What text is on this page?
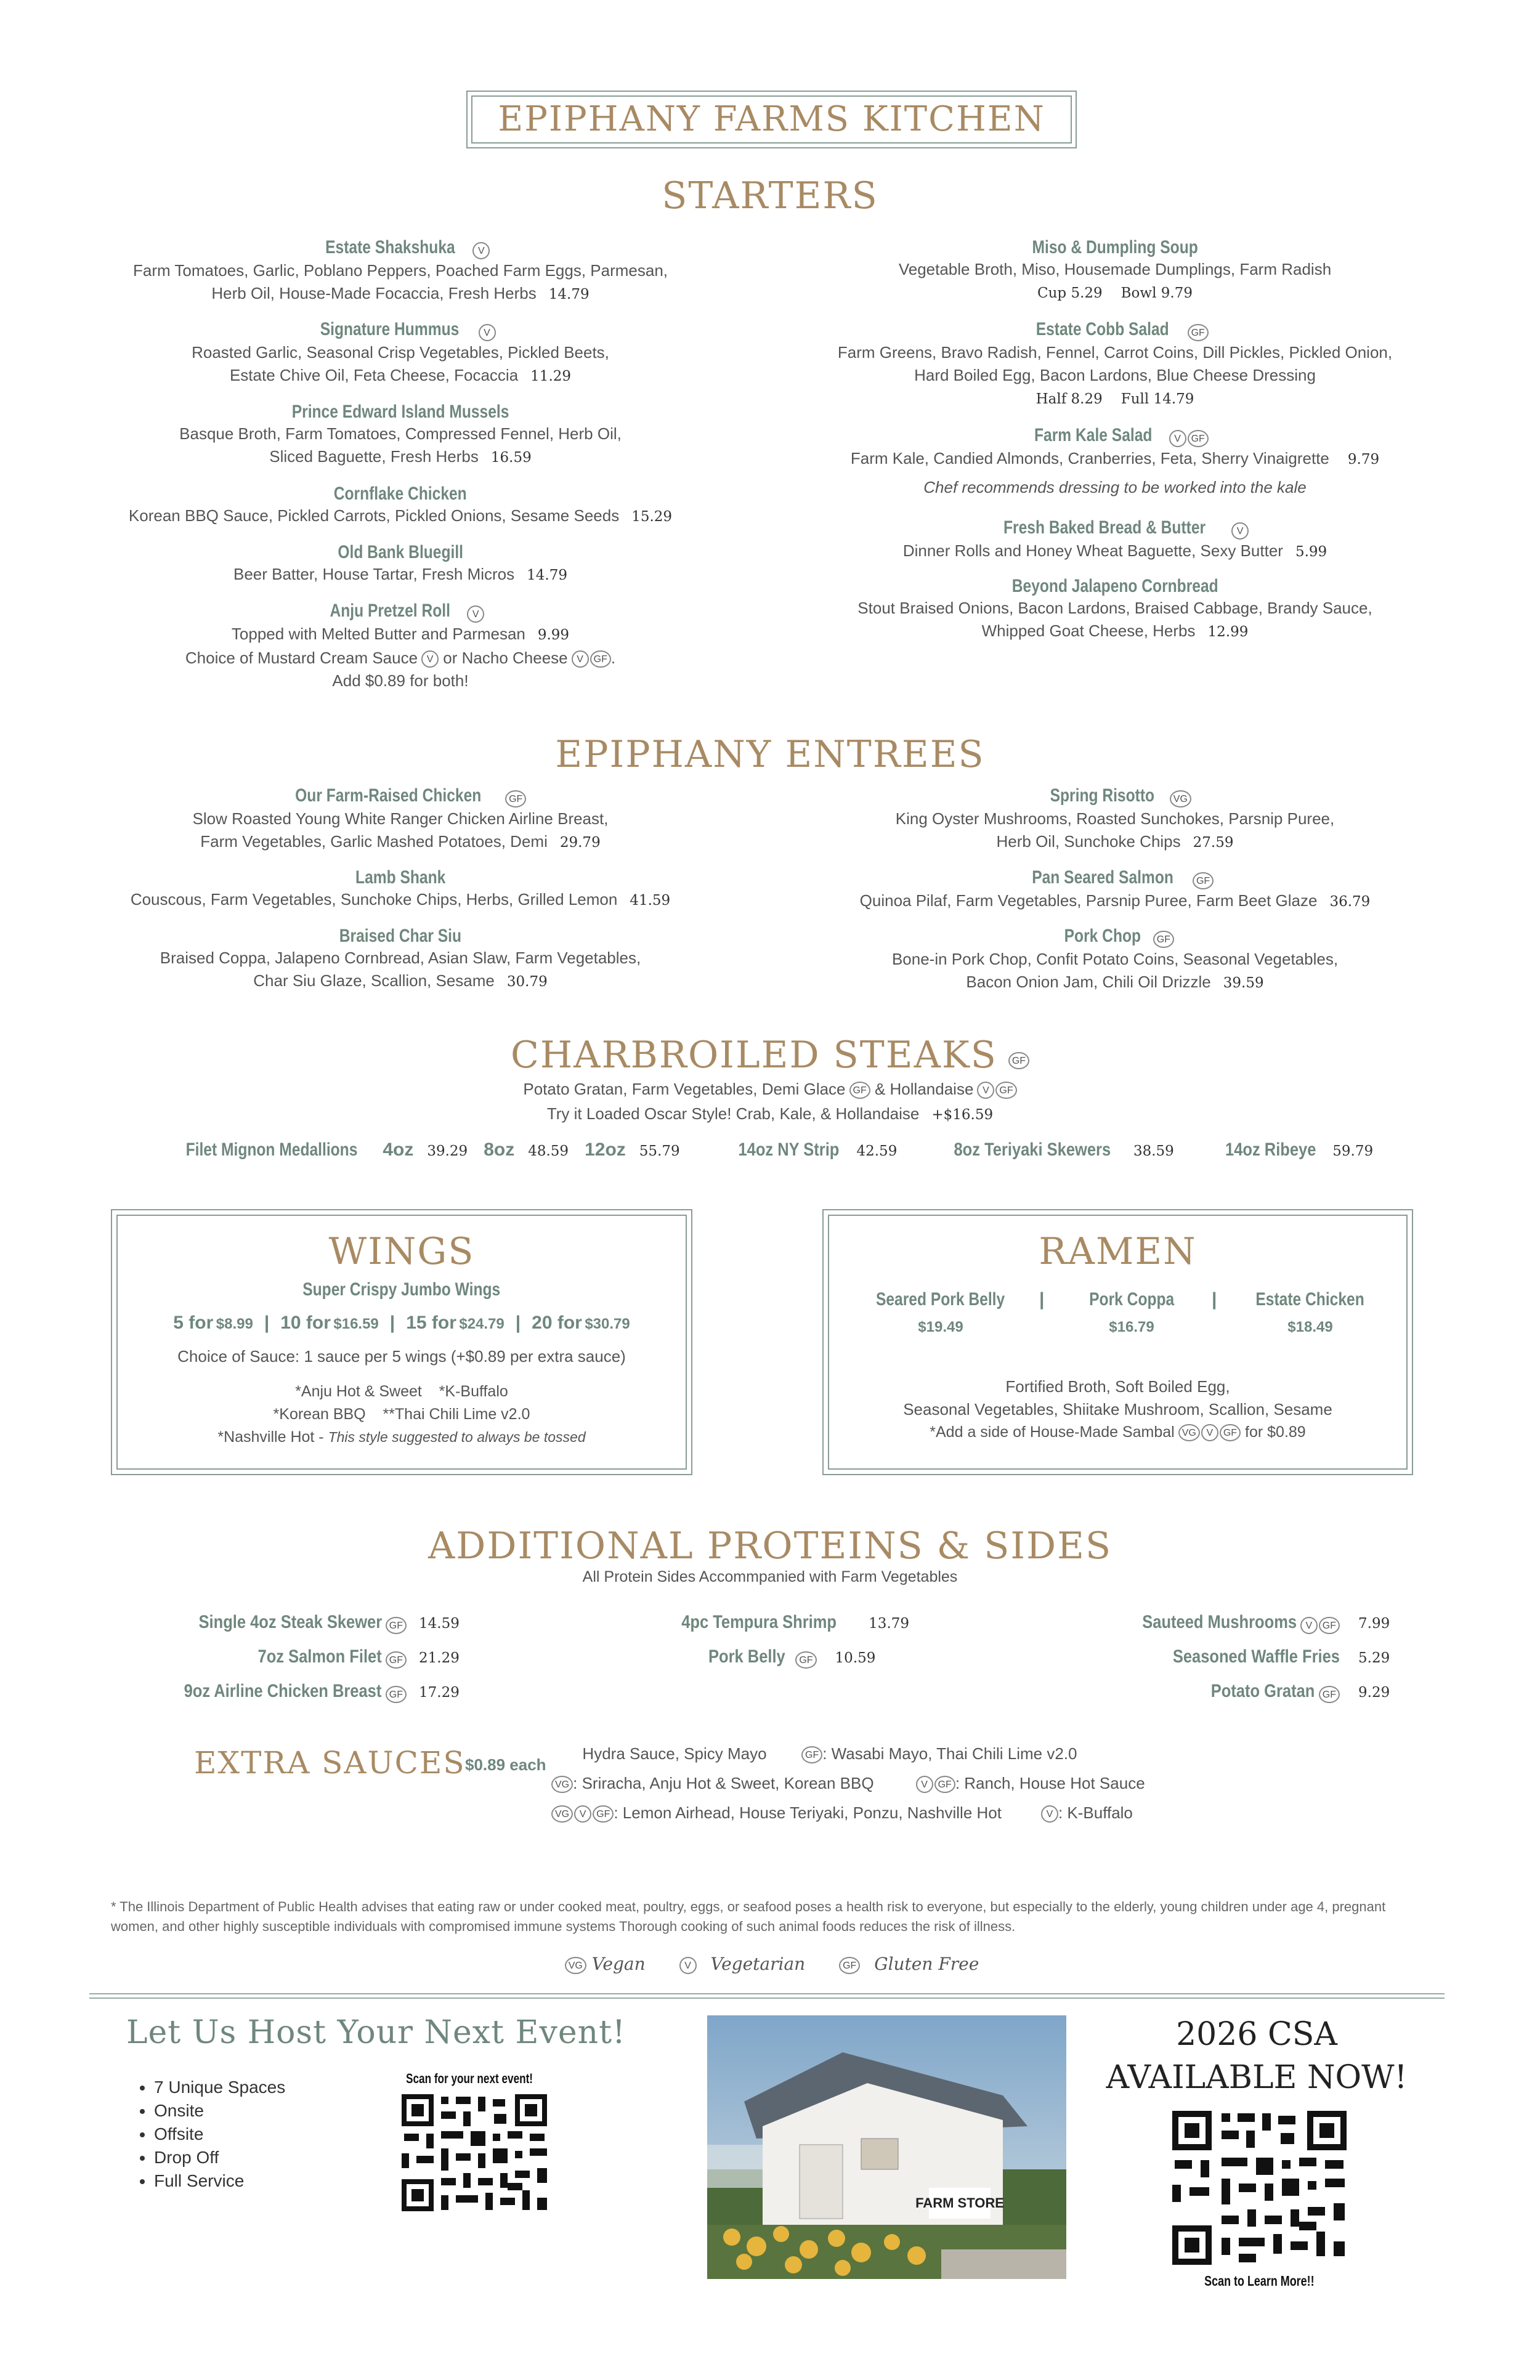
EPIPHANY FARMS KITCHEN
STARTERS
Estate Shakshuka V
Farm Tomatoes, Garlic, Poblano Peppers, Poached Farm Eggs, Parmesan,
Herb Oil, House-Made Focaccia, Fresh Herbs 14.79
Signature Hummus V
Roasted Garlic, Seasonal Crisp Vegetables, Pickled Beets,
Estate Chive Oil, Feta Cheese, Focaccia 11.29
Prince Edward Island Mussels
Basque Broth, Farm Tomatoes, Compressed Fennel, Herb Oil,
Sliced Baguette, Fresh Herbs 16.59
Cornflake Chicken
Korean BBQ Sauce, Pickled Carrots, Pickled Onions, Sesame Seeds 15.29
Old Bank Bluegill
Beer Batter, House Tartar, Fresh Micros 14.79
Anju Pretzel Roll V
Topped with Melted Butter and Parmesan 9.99
Choice of Mustard Cream Sauce V or Nacho Cheese V GF .
Add $0.89 for both!
Miso & Dumpling Soup
Vegetable Broth, Miso, Housemade Dumplings, Farm Radish
Cup 5.29 Bowl 9.79
Estate Cobb Salad GF
Farm Greens, Bravo Radish, Fennel, Carrot Coins, Dill Pickles, Pickled Onion,
Hard Boiled Egg, Bacon Lardons, Blue Cheese Dressing
Half 8.29 Full 14.79
Farm Kale Salad V GF
Farm Kale, Candied Almonds, Cranberries, Feta, Sherry Vinaigrette 9.79
Chef recommends dressing to be worked into the kale
Fresh Baked Bread & Butter	V
Dinner Rolls and Honey Wheat Baguette, Sexy Butter 5.99
Beyond Jalapeno Cornbread
Stout Braised Onions, Bacon Lardons, Braised Cabbage, Brandy Sauce,
Whipped Goat Cheese, Herbs 12.99
EPIPHANY ENTREES
Our Farm-Raised Chicken	GF
Slow Roasted Young White Ranger Chicken Airline Breast,
Farm Vegetables, Garlic Mashed Potatoes, Demi 29.79
Lamb Shank
Couscous, Farm Vegetables, Sunchoke Chips, Herbs, Grilled Lemon 41.59
Braised Char Siu
Braised Coppa, Jalapeno Cornbread, Asian Slaw, Farm Vegetables,
Char Siu Glaze, Scallion, Sesame 30.79
Spring Risotto VG
King Oyster Mushrooms, Roasted Sunchokes, Parsnip Puree,
Herb Oil, Sunchoke Chips 27.59
Pan Seared Salmon GF
Quinoa Pilaf, Farm Vegetables, Parsnip Puree, Farm Beet Glaze 36.79
Pork Chop GF
Bone-in Pork Chop, Confit Potato Coins, Seasonal Vegetables,
Bacon Onion Jam, Chili Oil Drizzle 39.59
CHARBROILED STEAKS GF
Potato Gratan, Farm Vegetables, Demi Glace GF & Hollandaise V GF
Try it Loaded Oscar Style! Crab, Kale, & Hollandaise +$16.59
Filet Mignon Medallions 4oz 39.29 8oz 48.59 12oz 55.79	14oz NY Strip 42.59	8oz Teriyaki Skewers 38.59	14oz Ribeye 59.79
WINGS
Super Crispy Jumbo Wings
5 for $8.99 | 10 for $16.59 | 15 for $24.79 | 20 for $30.79
Choice of Sauce: 1 sauce per 5 wings (+$0.89 per extra sauce)
*Anju Hot & Sweet *K-Buffalo
*Korean BBQ **Thai Chili Lime v2.0
*Nashville Hot - This style suggested to always be tossed
RAMEN
Seared Pork Belly
$19.49
|	Pork Coppa
$16.79
|	Estate Chicken
$18.49
Fortified Broth, Soft Boiled Egg,
Seasonal Vegetables, Shiitake Mushroom, Scallion, Sesame
*Add a side of House-Made Sambal VG V GF for $0.89
ADDITIONAL PROTEINS & SIDES
All Protein Sides Accommpanied with Farm Vegetables
Single 4oz Steak Skewer GF 14.59
7oz Salmon Filet GF 21.29
9oz Airline Chicken Breast GF 17.29
4pc Tempura Shrimp 13.79
Pork Belly GF 10.59
Sauteed Mushrooms V GF 7.99
Seasoned Waffle Fries 5.29
Potato Gratan GF 9.29
EXTRA SAUCES $0.89 each
Hydra Sauce, Spicy Mayo	GF : Wasabi Mayo, Thai Chili Lime v2.0
VG : Sriracha, Anju Hot & Sweet, Korean BBQ	V GF : Ranch, House Hot Sauce
VG V GF : Lemon Airhead, House Teriyaki, Ponzu, Nashville Hot	V : K-Buffalo
* The Illinois Department of Public Health advises that eating raw or under cooked meat, poultry, eggs, or seafood poses a health risk to everyone, but especially to the elderly, young children under age 4, pregnant women, and other highly susceptible individuals with compromised immune systems Thorough cooking of such animal foods reduces the risk of illness.
VG Vegan	V Vegetarian	GF Gluten Free
Let Us Host Your Next Event!
• 7 Unique Spaces
• Onsite
• Offsite
• Drop Off
• Full Service
Scan for your next event!
FARM STORE
2026 CSA
AVAILABLE NOW!
Scan to Learn More!!
